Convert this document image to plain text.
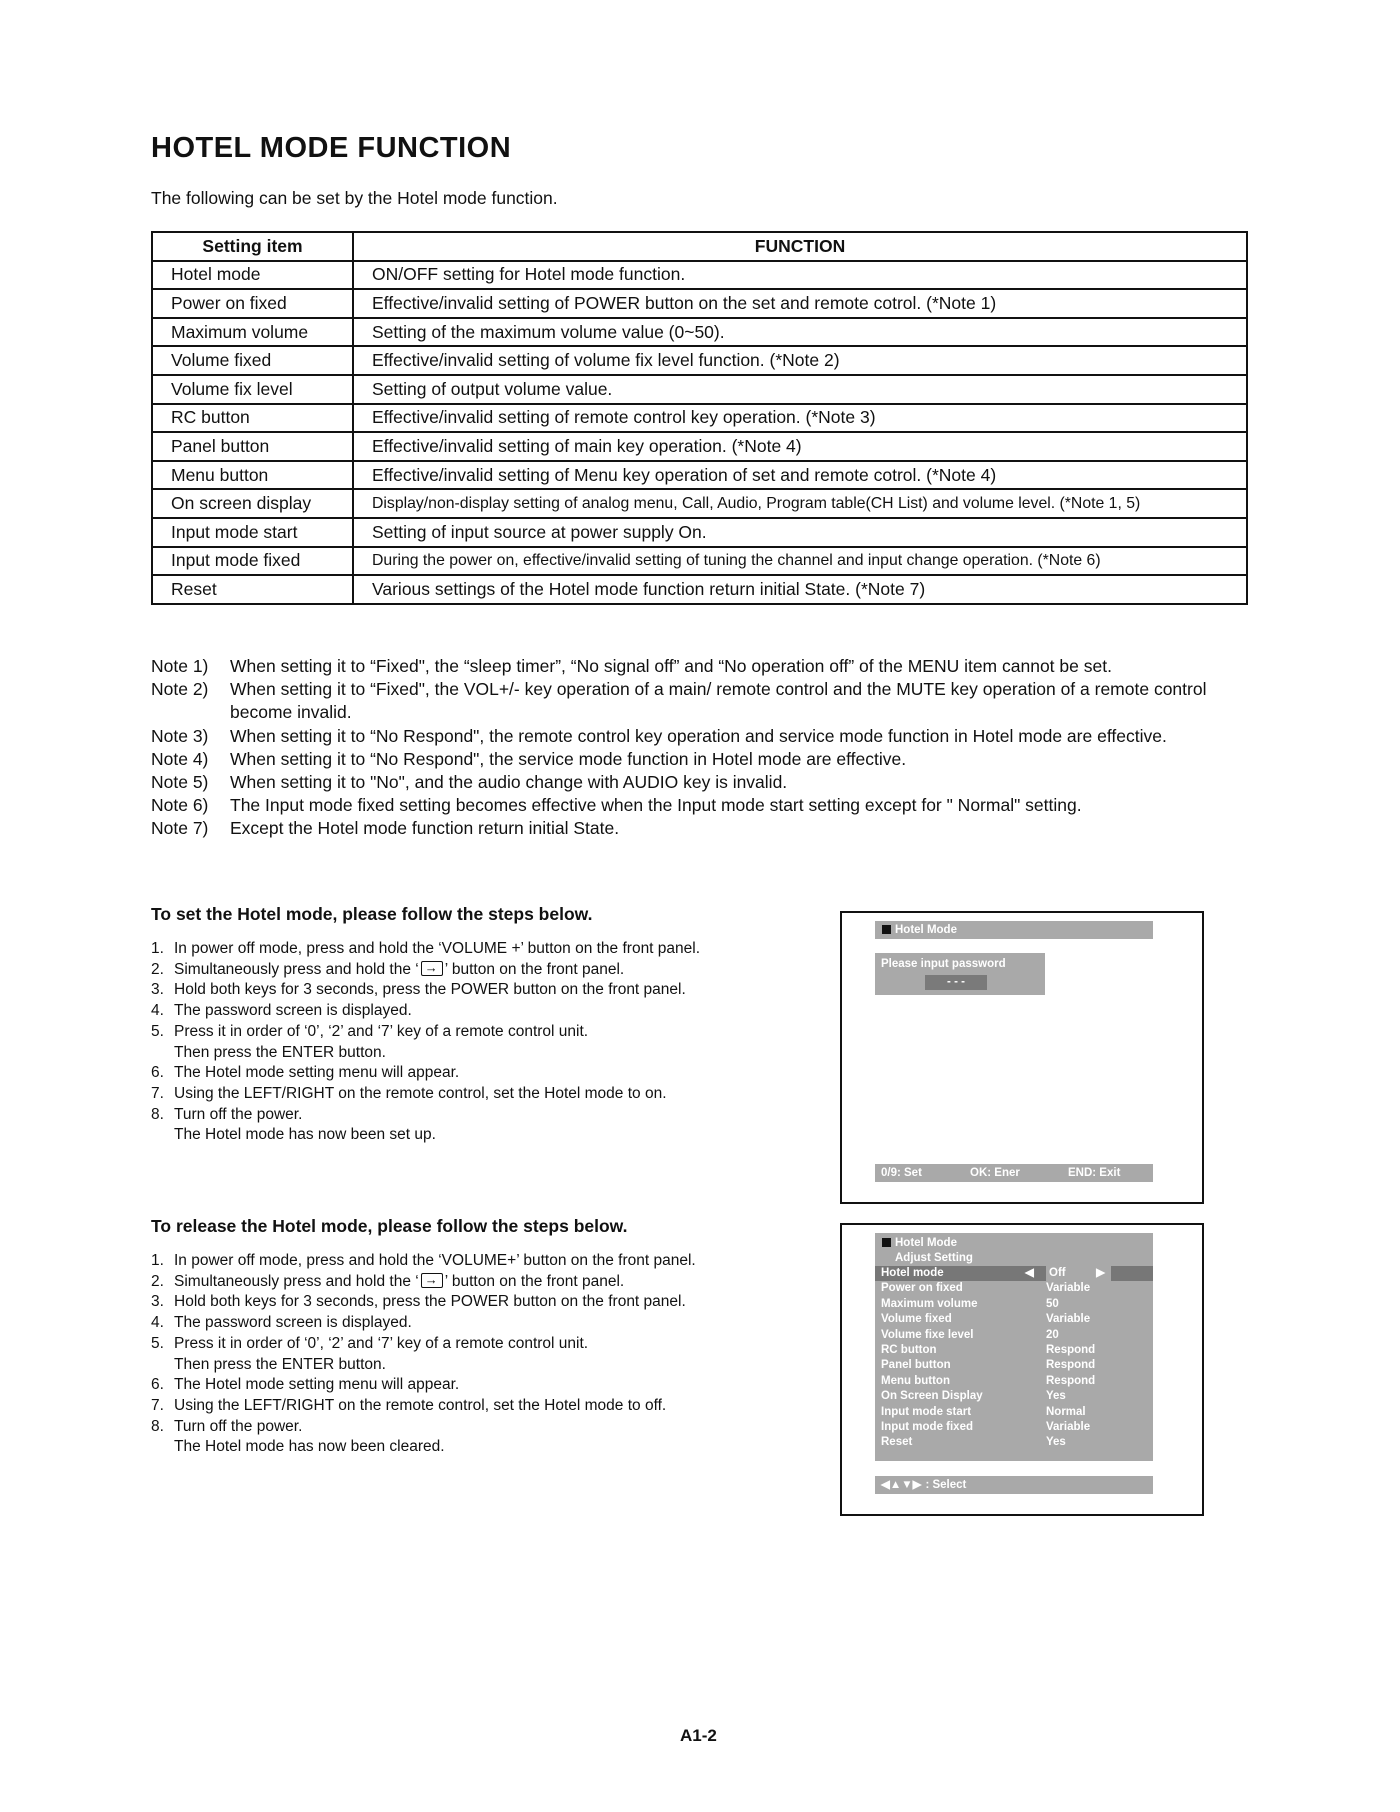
HOTEL MODE FUNCTION
The following can be set by the Hotel mode function.
Setting item	FUNCTION
Hotel mode	ON/OFF setting for Hotel mode function.
Power on fixed	Effective/invalid setting of POWER button on the set and remote cotrol. (*Note 1)
Maximum volume	Setting of the maximum volume value (0~50).
Volume fixed	Effective/invalid setting of volume fix level function. (*Note 2)
Volume fix level	Setting of output volume value.
RC button	Effective/invalid setting of remote control key operation. (*Note 3)
Panel button	Effective/invalid setting of main key operation. (*Note 4)
Menu button	Effective/invalid setting of Menu key operation of set and remote cotrol. (*Note 4)
On screen display	Display/non-display setting of analog menu, Call, Audio, Program table(CH List) and volume level. (*Note 1, 5)
Input mode start	Setting of input source at power supply On.
Input mode fixed	During the power on, effective/invalid setting of tuning the channel and input change operation. (*Note 6)
Reset	Various settings of the Hotel mode function return initial State. (*Note 7)
Note 1)	When setting it to “Fixed", the “sleep timer”, “No signal off” and “No operation off” of the MENU item cannot be set.
Note 2)	When setting it to “Fixed", the VOL+/- key operation of a main/ remote control and the MUTE key operation of a remote control become invalid.
Note 3)	When setting it to “No Respond", the remote control key operation and service mode function in Hotel mode are effective.
Note 4)	When setting it to “No Respond", the service mode function in Hotel mode are effective.
Note 5)	When setting it to "No", and the audio change with AUDIO key is invalid.
Note 6)	The Input mode fixed setting becomes effective when the Input mode start setting except for " Normal" setting.
Note 7)	Except the Hotel mode function return initial State.
To set the Hotel mode, please follow the steps below.
1. In power off mode, press and hold the ‘VOLUME +’ button on the front panel.
2. Simultaneously press and hold the ‘ → ’ button on the front panel.
3. Hold both keys for 3 seconds, press the POWER button on the front panel.
4. The password screen is displayed.
5. Press it in order of ‘0’, ‘2’ and ‘7’ key of a remote control unit.
Then press the ENTER button.
6. The Hotel mode setting menu will appear.
7. Using the LEFT/RIGHT on the remote control, set the Hotel mode to on.
8. Turn off the power.
The Hotel mode has now been set up.
Hotel Mode
Please input password
- - -
0/9: Set	OK: Ener	END: Exit
To release the Hotel mode, please follow the steps below.
1. In power off mode, press and hold the ‘VOLUME+’ button on the front panel.
2. Simultaneously press and hold the ‘ → ’ button on the front panel.
3. Hold both keys for 3 seconds, press the POWER button on the front panel.
4. The password screen is displayed.
5. Press it in order of ‘0’, ‘2’ and ‘7’ key of a remote control unit.
Then press the ENTER button.
6. The Hotel mode setting menu will appear.
7. Using the LEFT/RIGHT on the remote control, set the Hotel mode to off.
8. Turn off the power.
The Hotel mode has now been cleared.
Hotel Mode
Adjust Setting
Hotel mode	◀ Off	▶
Power on fixed	Variable
Maximum volume	50
Volume fixed	Variable
Volume fixe level	20
RC button	Respond
Panel button	Respond
Menu button	Respond
On Screen Display	Yes
Input mode start	Normal
Input mode fixed	Variable
Reset	Yes
◀▲▼▶ : Select
A1-2
